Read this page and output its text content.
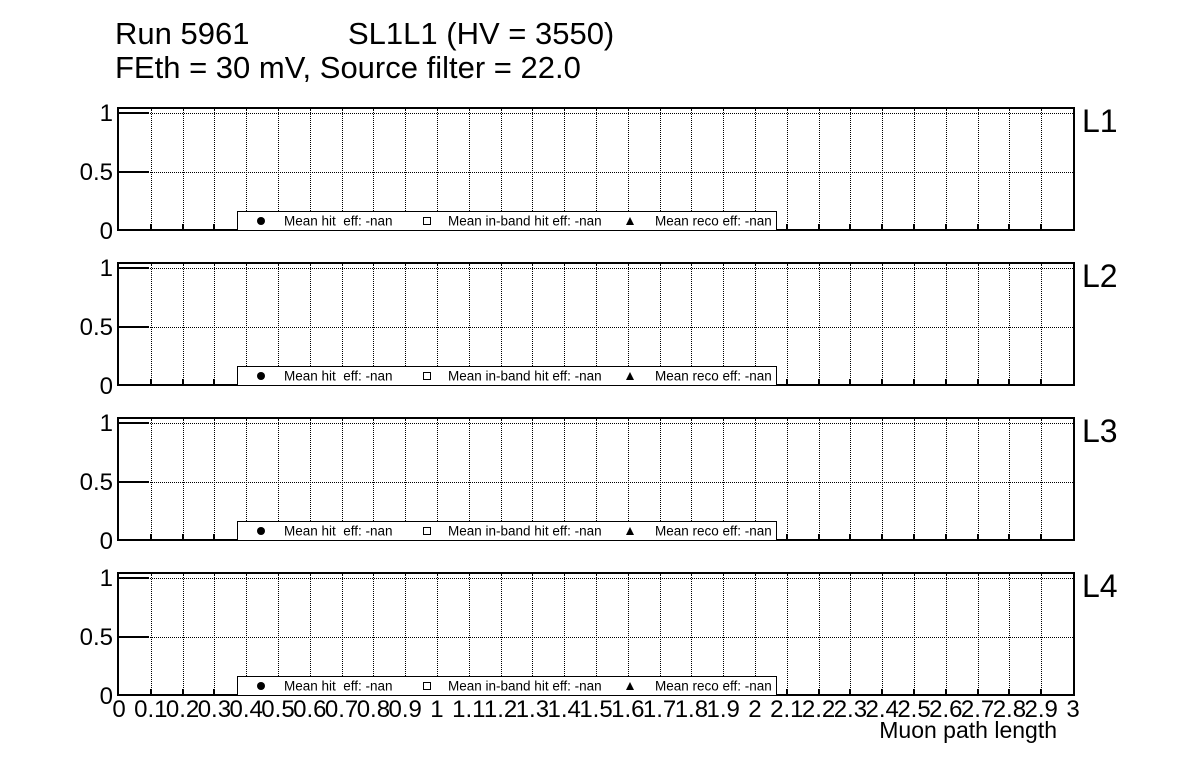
Run 5961	SL1L1 (HV = 3550)
FEth = 30 mV, Source filter = 22.0
Mean hit  eff: -nan	Mean in-band hit eff: -nan	Mean reco eff: -nan
L1
1
0.5
0
Mean hit  eff: -nan	Mean in-band hit eff: -nan	Mean reco eff: -nan
L2
1
0.5
0
Mean hit  eff: -nan	Mean in-band hit eff: -nan	Mean reco eff: -nan
L3
1
0.5
0
Mean hit  eff: -nan	Mean in-band hit eff: -nan	Mean reco eff: -nan
L4
1
0.5
0 0 0.1
0.2
0.3
0.4
0.5
0.6
0.7
0.8
0.9 1 1.1
1.2
1.3
1.4
1.5
1.6
1.7
1.8
1.9 2 2.1
2.2
2.3
2.4
2.5
2.6
2.7
2.8
2.9 3
Muon path length
